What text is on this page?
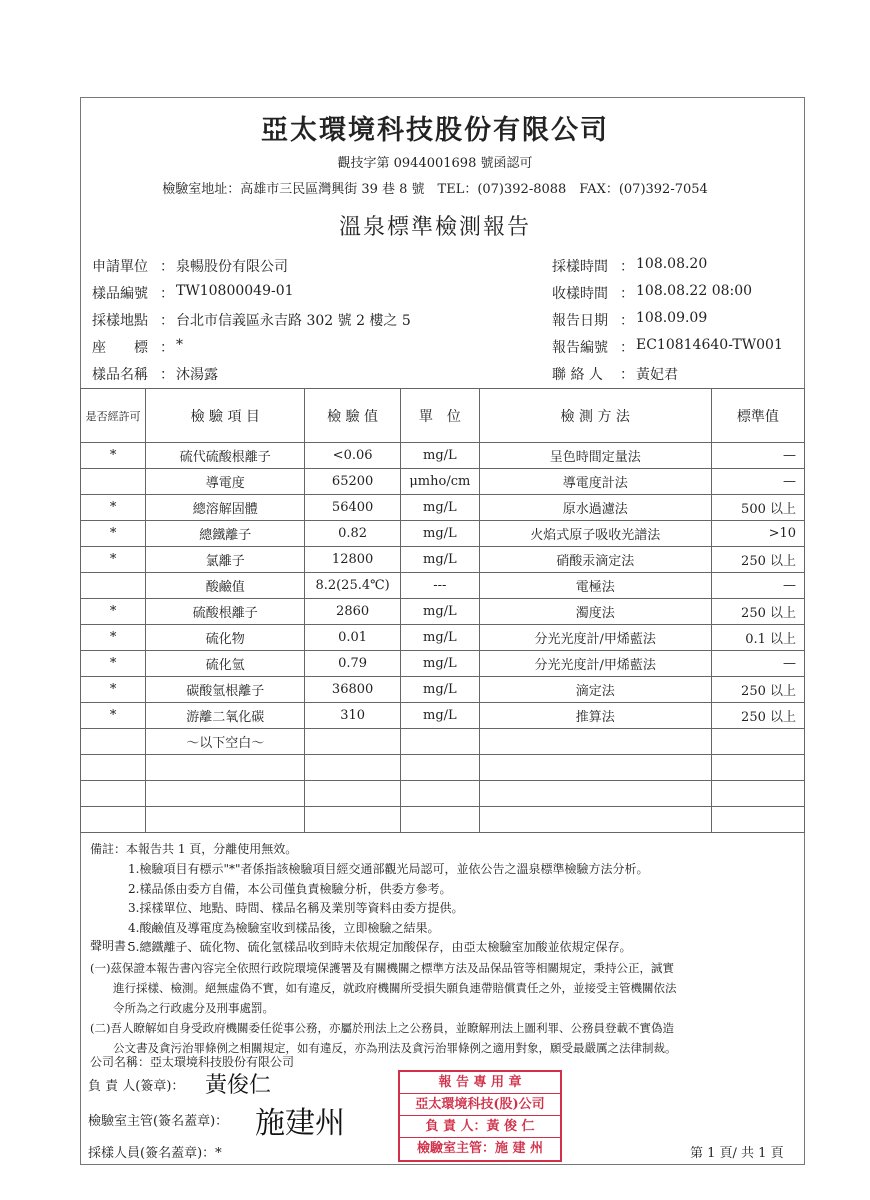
亞太環境科技股份有限公司
觀技字第 0944001698 號函認可
檢驗室地址：高雄市三民區灣興街 39 巷 8 號　TEL：(07)392-8088　FAX：(07)392-7054
溫泉標準檢測報告
申請單位 ： 泉暢股份有限公司
樣品編號 ： TW10800049-01
採樣地點 ： 台北市信義區永吉路 302 號 2 樓之 5
座　　標 ： *
樣品名稱 ： 沐湯露
採樣時間 ： 108.08.20
收樣時間 ： 108.08.22 08:00
報告日期 ： 108.09.09
報告編號 ： EC10814640-TW001
聯 絡 人 ： 黃妃君
是否經許可	檢 驗 項 目	檢 驗 值	單　位	檢 測 方 法	標準值
*	硫代硫酸根離子	<0.06	mg/L	呈色時間定量法	—
	導電度	65200	μmho/cm	導電度計法	—
*	總溶解固體	56400	mg/L	原水過濾法	500 以上
*	總鐵離子	0.82	mg/L	火焰式原子吸收光譜法	>10
*	氯離子	12800	mg/L	硝酸汞滴定法	250 以上
	酸鹼值	8.2(25.4℃)	---	電極法	—
*	硫酸根離子	2860	mg/L	濁度法	250 以上
*	硫化物	0.01	mg/L	分光光度計/甲烯藍法	0.1 以上
*	硫化氫	0.79	mg/L	分光光度計/甲烯藍法	—
*	碳酸氫根離子	36800	mg/L	滴定法	250 以上
*	游離二氧化碳	310	mg/L	推算法	250 以上
	～以下空白～				

備註：本報告共 1 頁，分離使用無效。
1.檢驗項目有標示"*"者係指該檢驗項目經交通部觀光局認可，並依公告之溫泉標準檢驗方法分析。
2.樣品係由委方自備，本公司僅負責檢驗分析，供委方參考。
3.採樣單位、地點、時間、樣品名稱及業別等資料由委方提供。
4.酸鹼值及導電度為檢驗室收到樣品後，立即檢驗之結果。
5.總鐵離子、硫化物、硫化氫樣品收到時未依規定加酸保存，由亞太檢驗室加酸並依規定保存。
聲明書：
(一)茲保證本報告書內容完全依照行政院環境保護署及有關機關之標準方法及品保品管等相關規定，秉持公正，誠實
　　進行採樣、檢測。絕無虛偽不實，如有違反，就政府機關所受損失願負連帶賠償責任之外，並接受主管機關依法
　　令所為之行政處分及刑事處罰。
(二)吾人瞭解如自身受政府機關委任從事公務，亦屬於刑法上之公務員，並瞭解刑法上圖利罪、公務員登載不實偽造
　　公文書及貪污治罪條例之相關規定，如有違反，亦為刑法及貪污治罪條例之適用對象，願受最嚴厲之法律制裁。
公司名稱：亞太環境科技股份有限公司
負 責 人(簽章)： 黃俊仁
檢驗室主管(簽名蓋章)： 施建州
採樣人員(簽名蓋章)：*
報 告 專 用 章
亞太環境科技(股)公司
負 責 人：黃 俊 仁
檢驗室主管：施 建 州	第 1 頁/ 共 1 頁
